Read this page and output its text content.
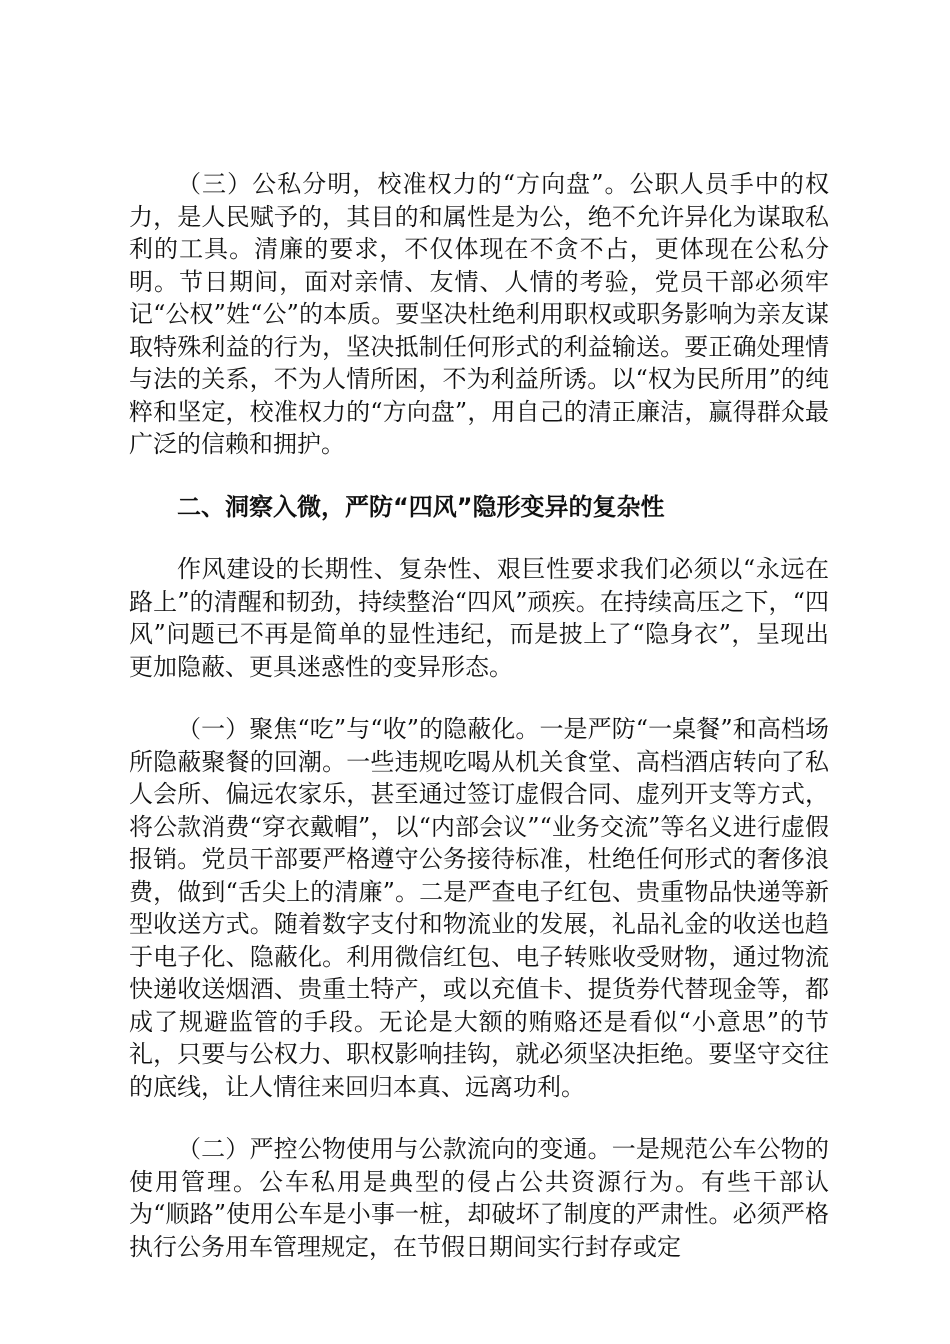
（三）公私分明，校准权力的“方向盘”。公职人员手中的权力，是人民赋予的，其目的和属性是为公，绝不允许异化为谋取私利的工具。清廉的要求，不仅体现在不贪不占，更体现在公私分明。节日期间，面对亲情、友情、人情的考验，党员干部必须牢记“公权”姓“公”的本质。要坚决杜绝利用职权或职务影响为亲友谋取特殊利益的行为，坚决抵制任何形式的利益输送。要正确处理情与法的关系，不为人情所困，不为利益所诱。以“权为民所用”的纯粹和坚定，校准权力的“方向盘”，用自己的清正廉洁，赢得群众最广泛的信赖和拥护。

二、洞察入微，严防“四风”隐形变异的复杂性

作风建设的长期性、复杂性、艰巨性要求我们必须以“永远在路上”的清醒和韧劲，持续整治“四风”顽疾。在持续高压之下，“四风”问题已不再是简单的显性违纪，而是披上了“隐身衣”，呈现出更加隐蔽、更具迷惑性的变异形态。

（一）聚焦“吃”与“收”的隐蔽化。一是严防“一桌餐”和高档场所隐蔽聚餐的回潮。一些违规吃喝从机关食堂、高档酒店转向了私人会所、偏远农家乐，甚至通过签订虚假合同、虚列开支等方式，将公款消费“穿衣戴帽”，以“内部会议”“业务交流”等名义进行虚假报销。党员干部要严格遵守公务接待标准，杜绝任何形式的奢侈浪费，做到“舌尖上的清廉”。二是严查电子红包、贵重物品快递等新型收送方式。随着数字支付和物流业的发展，礼品礼金的收送也趋于电子化、隐蔽化。利用微信红包、电子转账收受财物，通过物流快递收送烟酒、贵重土特产，或以充值卡、提货券代替现金等，都成了规避监管的手段。无论是大额的贿赂还是看似“小意思”的节礼，只要与公权力、职权影响挂钩，就必须坚决拒绝。要坚守交往的底线，让人情往来回归本真、远离功利。

（二）严控公物使用与公款流向的变通。一是规范公车公物的使用管理。公车私用是典型的侵占公共资源行为。有些干部认为“顺路”使用公车是小事一桩，却破坏了制度的严肃性。必须严格执行公务用车管理规定，在节假日期间实行封存或定
